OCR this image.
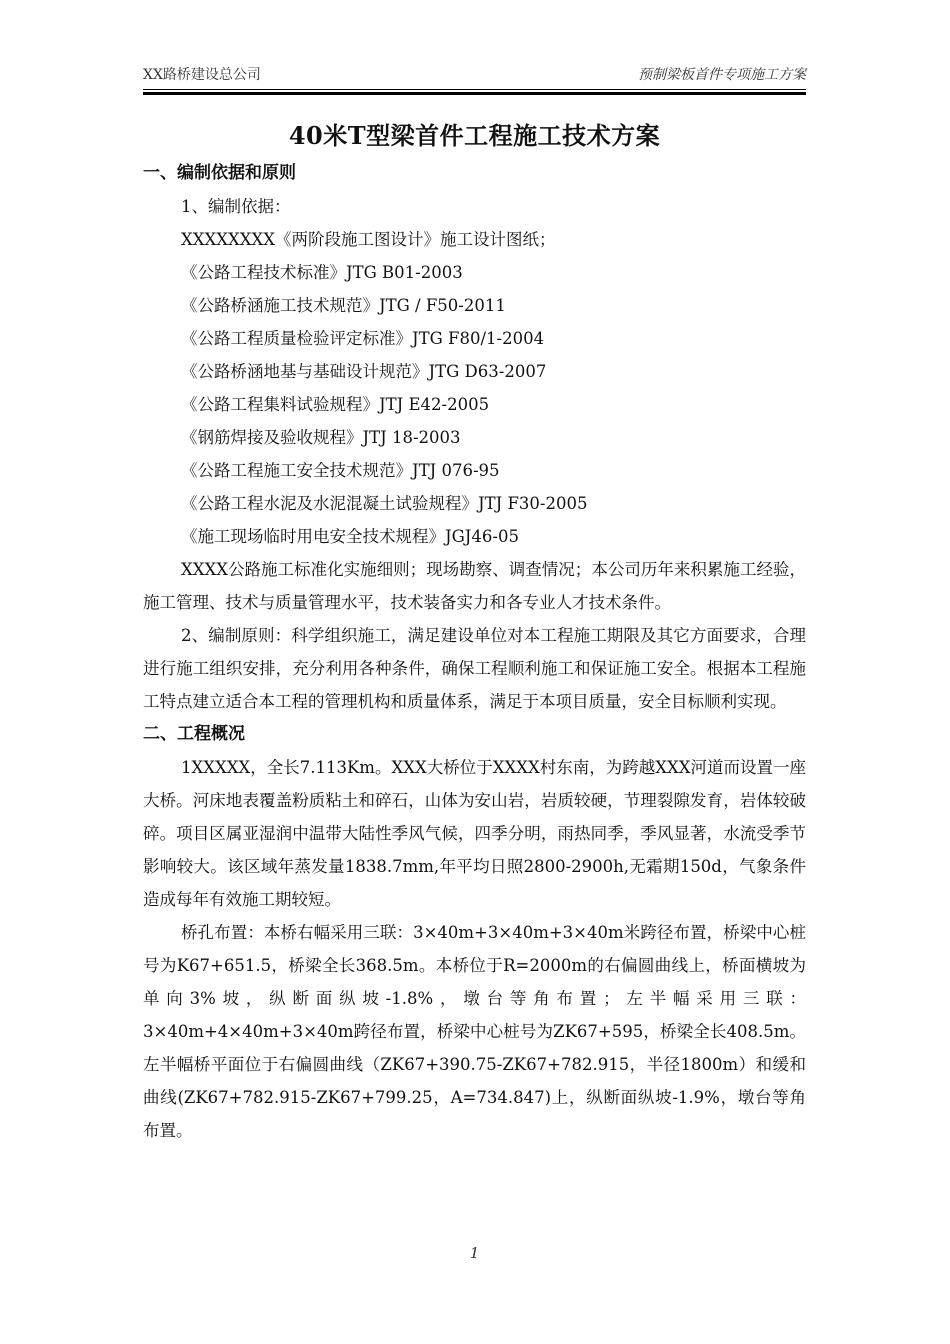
XX路桥建设总公司	预制梁板首件专项施工方案
40米T型梁首件工程施工技术方案
一、编制依据和原则
1、编制依据：
XXXXXXXX《两阶段施工图设计》施工设计图纸；
《公路工程技术标准》JTG B01-2003
《公路桥涵施工技术规范》JTG / F50-2011
《公路工程质量检验评定标准》JTG F80/1-2004
《公路桥涵地基与基础设计规范》JTG D63-2007
《公路工程集料试验规程》JTJ E42-2005
《钢筋焊接及验收规程》JTJ 18-2003
《公路工程施工安全技术规范》JTJ 076-95
《公路工程水泥及水泥混凝土试验规程》JTJ F30-2005
《施工现场临时用电安全技术规程》JGJ46-05

XXXX公路施工标准化实施细则；现场勘察、调查情况；本公司历年来积累施工经验，施工管理、技术与质量管理水平，技术装备实力和各专业人才技术条件。

2、编制原则：科学组织施工，满足建设单位对本工程施工期限及其它方面要求，合理进行施工组织安排，充分利用各种条件，确保工程顺利施工和保证施工安全。根据本工程施工特点建立适合本工程的管理机构和质量体系，满足于本项目质量，安全目标顺利实现。

二、工程概况

1XXXXX，全长7.113Km。XXX大桥位于XXXX村东南，为跨越XXX河道而设置一座大桥。河床地表覆盖粉质粘土和碎石，山体为安山岩，岩质较硬，节理裂隙发育，岩体较破碎。项目区属亚湿润中温带大陆性季风气候，四季分明，雨热同季，季风显著，水流受季节影响较大。该区域年蒸发量1838.7mm,年平均日照2800-2900h,无霜期150d，气象条件造成每年有效施工期较短。

桥孔布置：本桥右幅采用三联：3×40m+3×40m+3×40m米跨径布置，桥梁中心桩号为K67+651.5，桥梁全长368.5m。本桥位于R=2000m的右偏圆曲线上，桥面横坡为单向3%坡，纵断面纵坡-1.8%，墩台等角布置；左半幅采用三联：3×40m+4×40m+3×40m跨径布置，桥梁中心桩号为ZK67+595，桥梁全长408.5m。左半幅桥平面位于右偏圆曲线（ZK67+390.75-ZK67+782.915，半径1800m）和缓和曲线(ZK67+782.915-ZK67+799.25，A=734.847)上，纵断面纵坡-1.9%，墩台等角布置。

1
